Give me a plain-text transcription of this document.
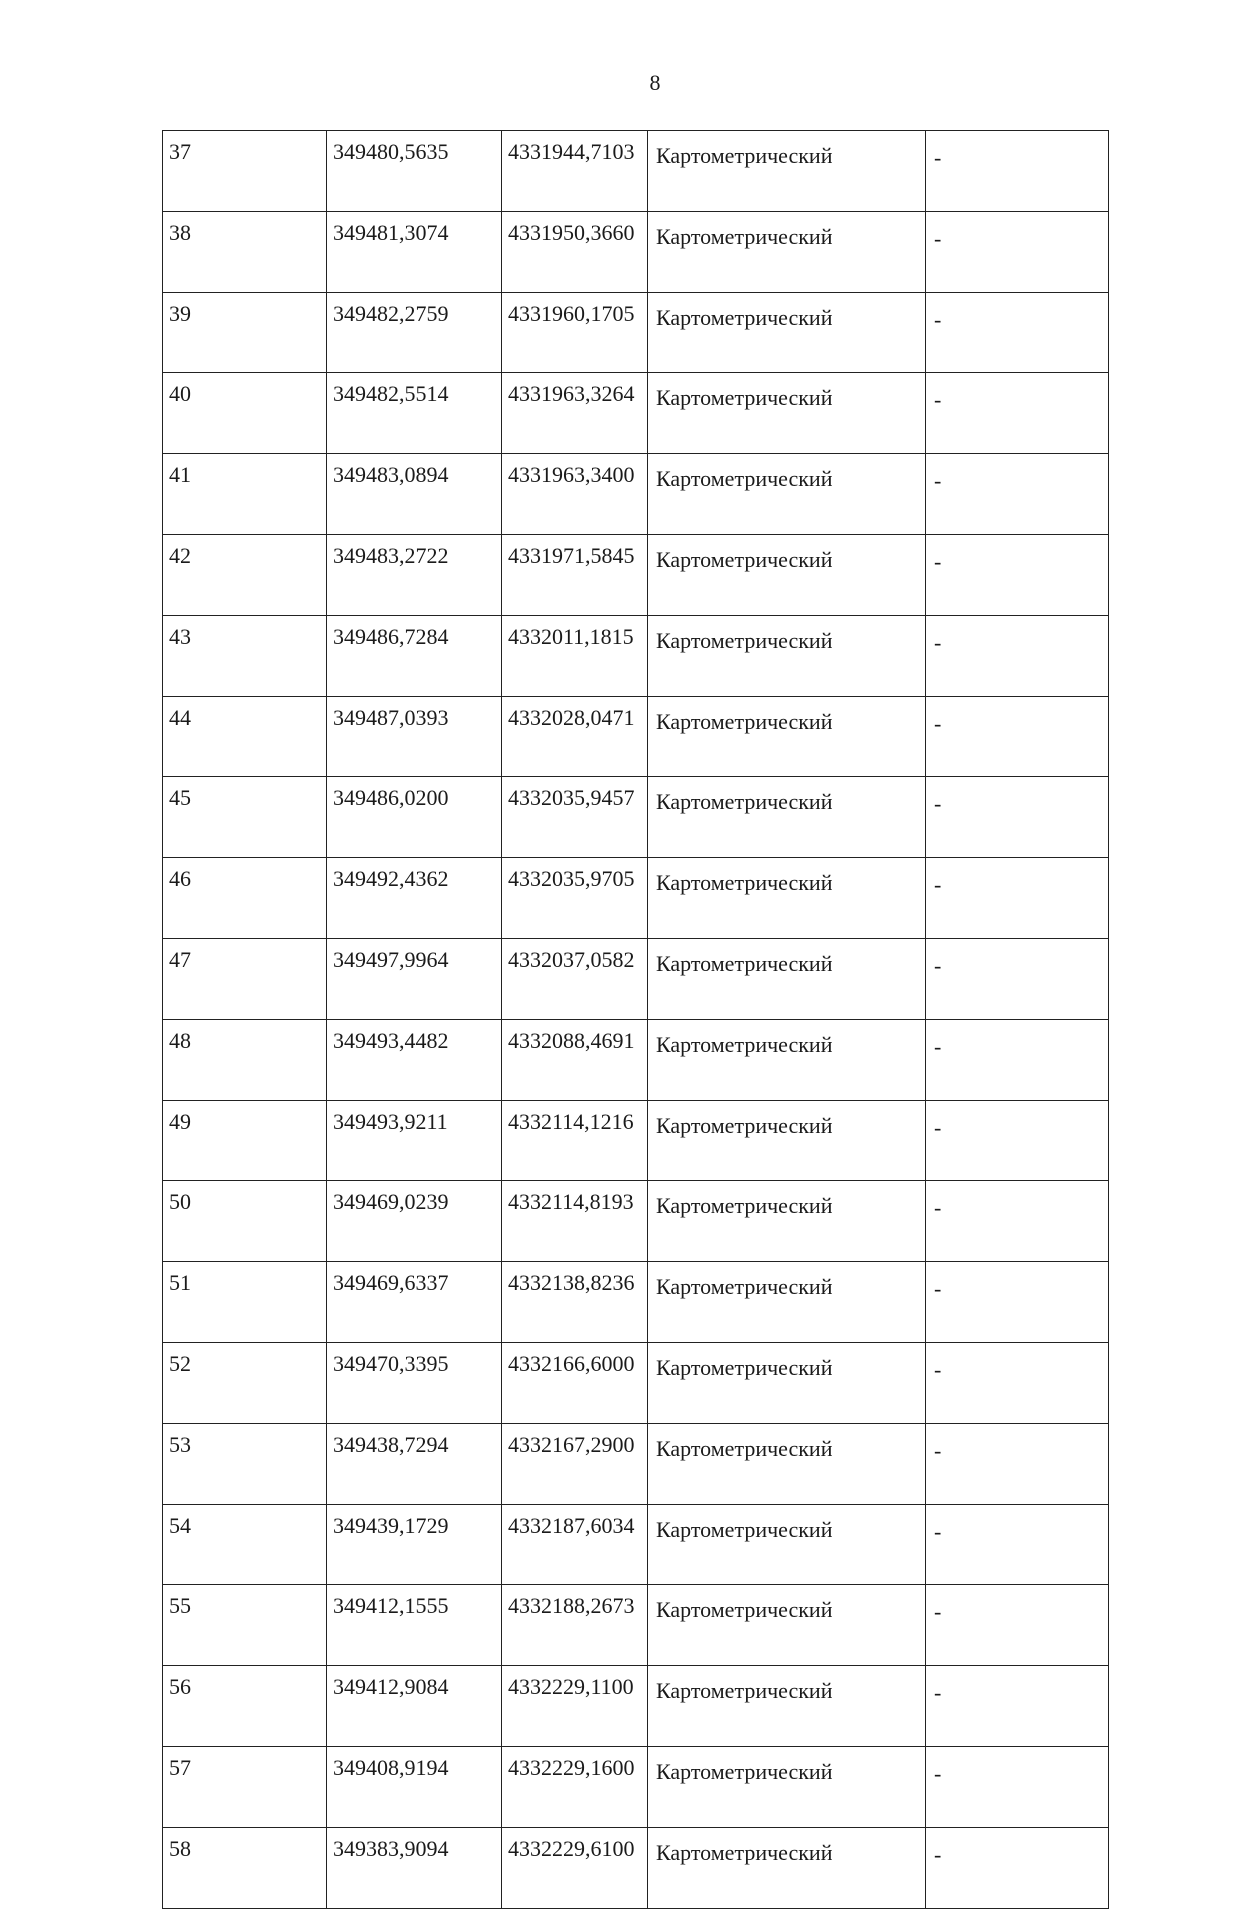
8
37	349480,5635	4331944,7103	Картометрический	-
38	349481,3074	4331950,3660	Картометрический	-
39	349482,2759	4331960,1705	Картометрический	-
40	349482,5514	4331963,3264	Картометрический	-
41	349483,0894	4331963,3400	Картометрический	-
42	349483,2722	4331971,5845	Картометрический	-
43	349486,7284	4332011,1815	Картометрический	-
44	349487,0393	4332028,0471	Картометрический	-
45	349486,0200	4332035,9457	Картометрический	-
46	349492,4362	4332035,9705	Картометрический	-
47	349497,9964	4332037,0582	Картометрический	-
48	349493,4482	4332088,4691	Картометрический	-
49	349493,9211	4332114,1216	Картометрический	-
50	349469,0239	4332114,8193	Картометрический	-
51	349469,6337	4332138,8236	Картометрический	-
52	349470,3395	4332166,6000	Картометрический	-
53	349438,7294	4332167,2900	Картометрический	-
54	349439,1729	4332187,6034	Картометрический	-
55	349412,1555	4332188,2673	Картометрический	-
56	349412,9084	4332229,1100	Картометрический	-
57	349408,9194	4332229,1600	Картометрический	-
58	349383,9094	4332229,6100	Картометрический	-
